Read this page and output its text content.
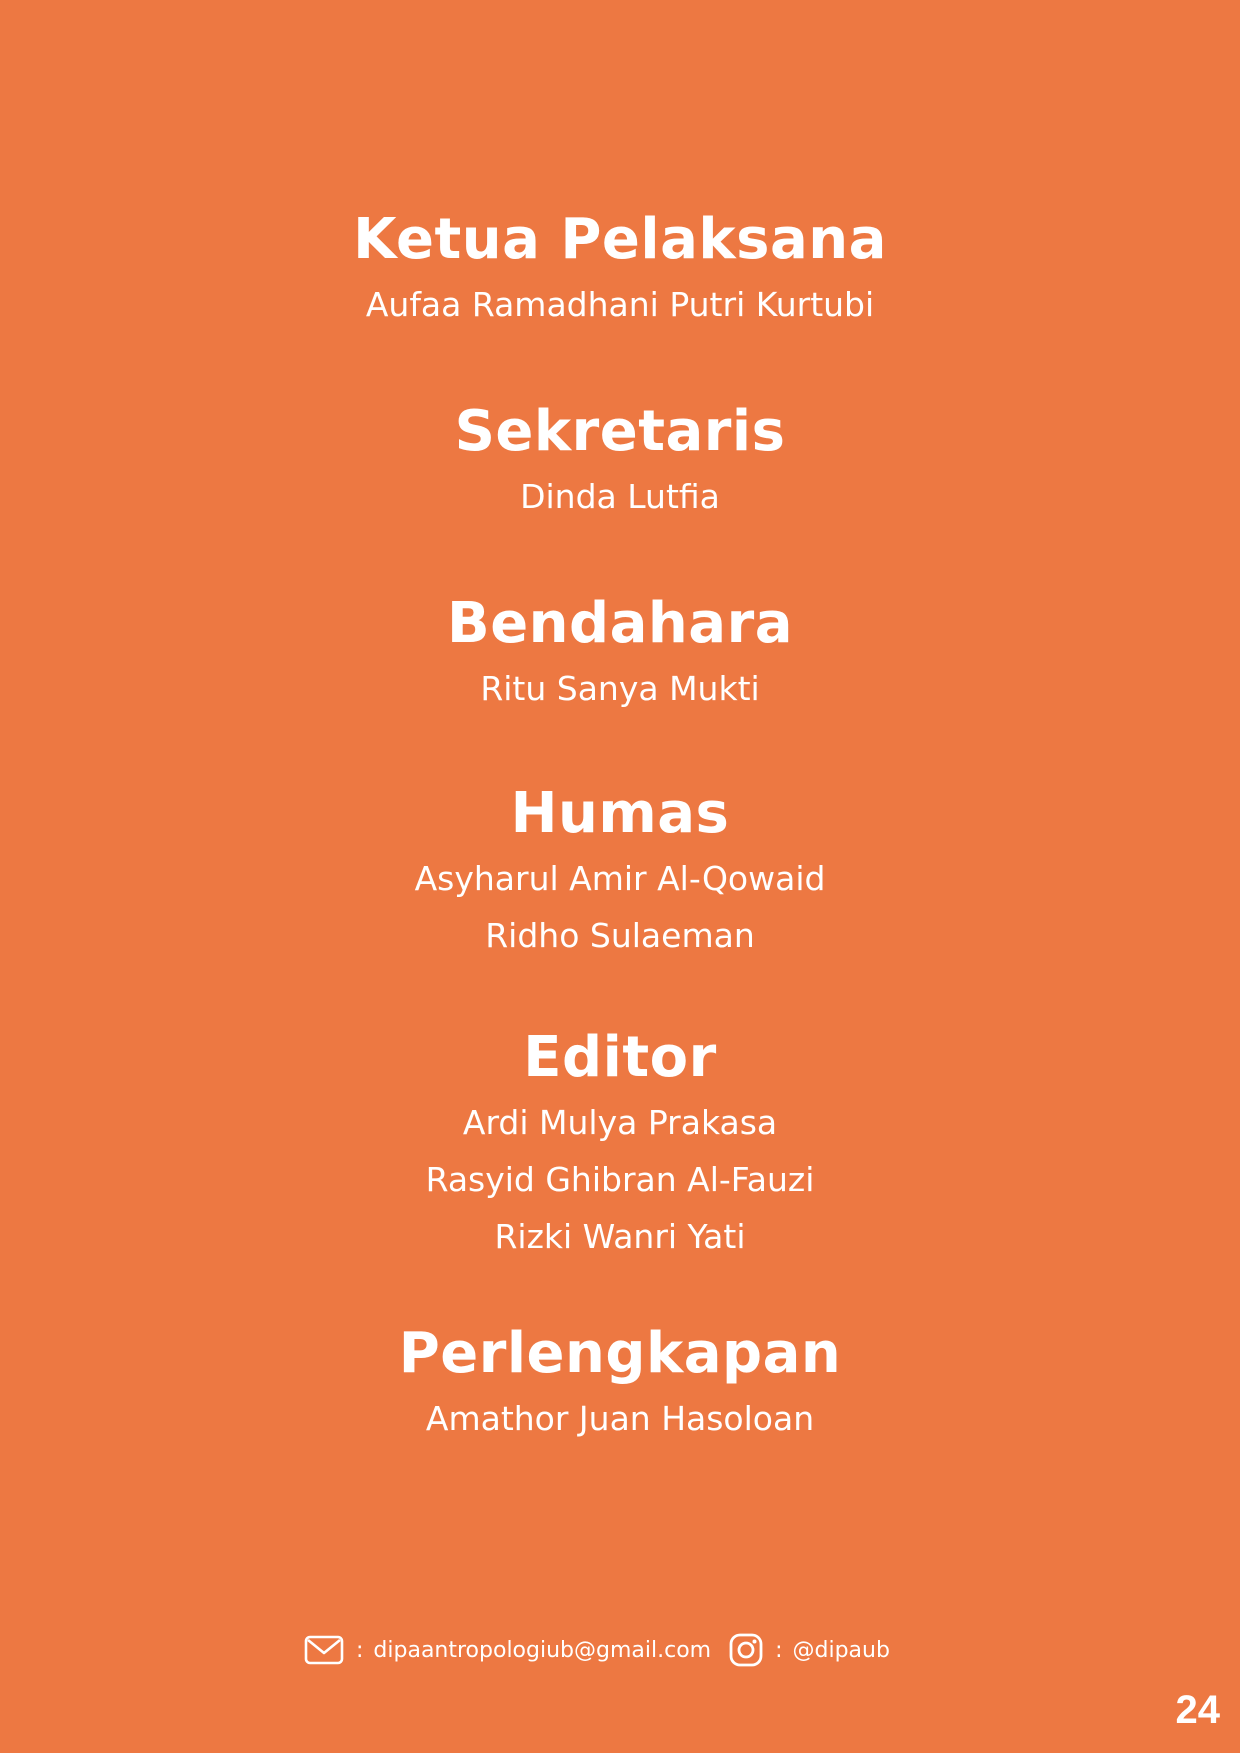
Ketua Pelaksana
Aufaa Ramadhani Putri Kurtubi
Sekretaris
Dinda Lutfia
Bendahara
Ritu Sanya Mukti
Humas
Asyharul Amir Al-Qowaid
Ridho Sulaeman
Editor
Ardi Mulya Prakasa
Rasyid Ghibran Al-Fauzi
Rizki Wanri Yati
Perlengkapan
Amathor Juan Hasoloan
: dipaantropologiub@gmail.com	: @dipaub
24
